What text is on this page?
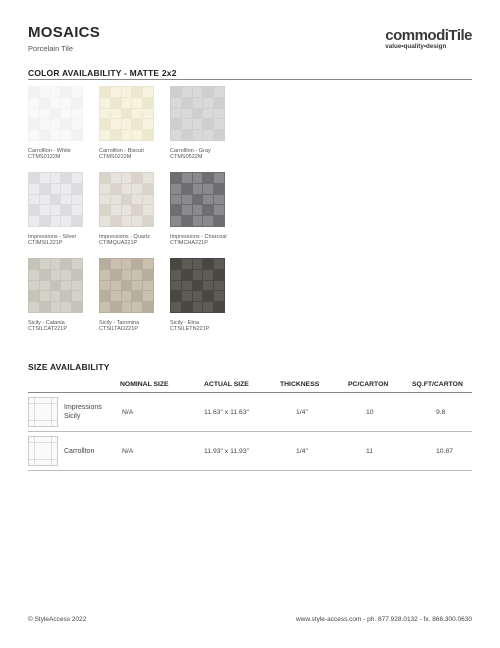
MOSAICS
Porcelain Tile
commodiTile
value•quality•design
COLOR AVAILABILITY - MATTE 2x2
Carrollton - White
CTMS0122M
Carrollton - Biscuit
CTMS0222M
Carrollton - Gray
CTMS0522M
Impressions - Silver
CTIMSIL221P
Impressions - Quartz
CTIMQUA221P
Impressions - Charcoal
CTIMCHA221P
Sicily - Catania
CTSILCAT221P
Sicily - Taormina
CTSILTAO221P
Sicily - Etna
CTSILETN221P
SIZE AVAILABILITY
	NOMINAL SIZE	ACTUAL SIZE	THICKNESS	PC/CARTON	SQ.FT/CARTON

Impressions Sicily	N/A	11.63" x 11.63"	1/4"	10	9.8

Carrollton	N/A	11.93" x 11.93"	1/4"	11	10.87
© StyleAccess 2022	www.style-access.com - ph. 877.928.0132 - fx. 866.300.0630
